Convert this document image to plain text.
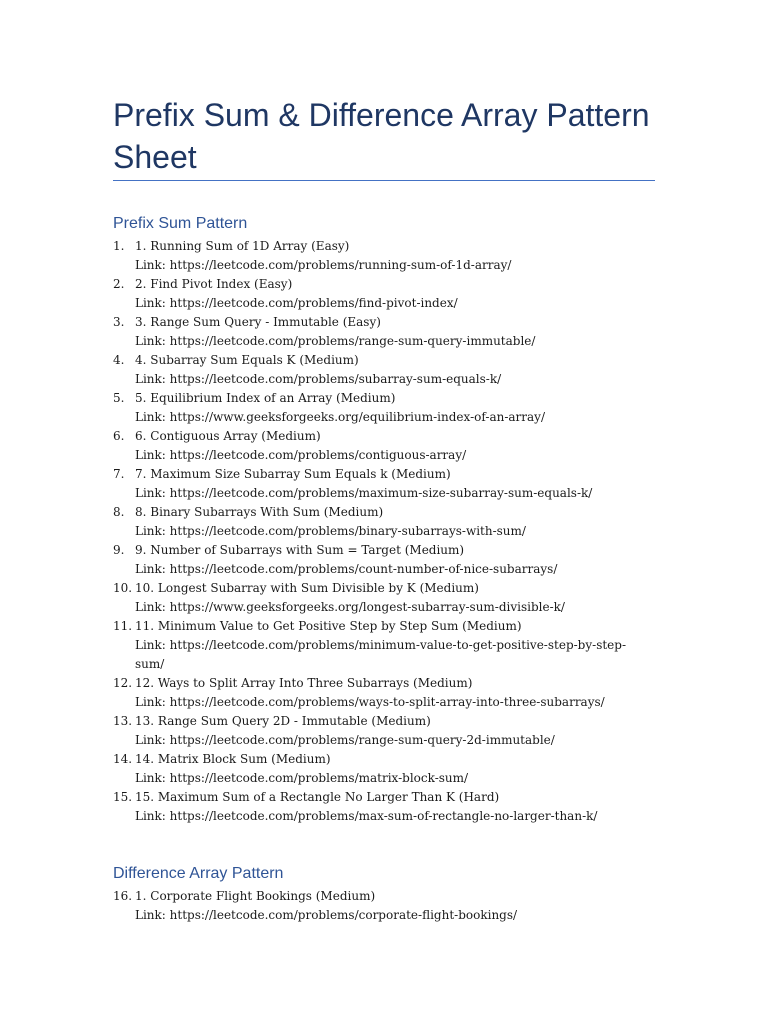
Prefix Sum & Difference Array Pattern Sheet
Prefix Sum Pattern
1. 1. Running Sum of 1D Array (Easy)
Link: https://leetcode.com/problems/running-sum-of-1d-array/
2. 2. Find Pivot Index (Easy)
Link: https://leetcode.com/problems/find-pivot-index/
3. 3. Range Sum Query - Immutable (Easy)
Link: https://leetcode.com/problems/range-sum-query-immutable/
4. 4. Subarray Sum Equals K (Medium)
Link: https://leetcode.com/problems/subarray-sum-equals-k/
5. 5. Equilibrium Index of an Array (Medium)
Link: https://www.geeksforgeeks.org/equilibrium-index-of-an-array/
6. 6. Contiguous Array (Medium)
Link: https://leetcode.com/problems/contiguous-array/
7. 7. Maximum Size Subarray Sum Equals k (Medium)
Link: https://leetcode.com/problems/maximum-size-subarray-sum-equals-k/
8. 8. Binary Subarrays With Sum (Medium)
Link: https://leetcode.com/problems/binary-subarrays-with-sum/
9. 9. Number of Subarrays with Sum = Target (Medium)
Link: https://leetcode.com/problems/count-number-of-nice-subarrays/
10. 10. Longest Subarray with Sum Divisible by K (Medium)
Link: https://www.geeksforgeeks.org/longest-subarray-sum-divisible-k/
11. 11. Minimum Value to Get Positive Step by Step Sum (Medium)
Link: https://leetcode.com/problems/minimum-value-to-get-positive-step-by-step-sum/
12. 12. Ways to Split Array Into Three Subarrays (Medium)
Link: https://leetcode.com/problems/ways-to-split-array-into-three-subarrays/
13. 13. Range Sum Query 2D - Immutable (Medium)
Link: https://leetcode.com/problems/range-sum-query-2d-immutable/
14. 14. Matrix Block Sum (Medium)
Link: https://leetcode.com/problems/matrix-block-sum/
15. 15. Maximum Sum of a Rectangle No Larger Than K (Hard)
Link: https://leetcode.com/problems/max-sum-of-rectangle-no-larger-than-k/
Difference Array Pattern
16. 1. Corporate Flight Bookings (Medium)
Link: https://leetcode.com/problems/corporate-flight-bookings/
